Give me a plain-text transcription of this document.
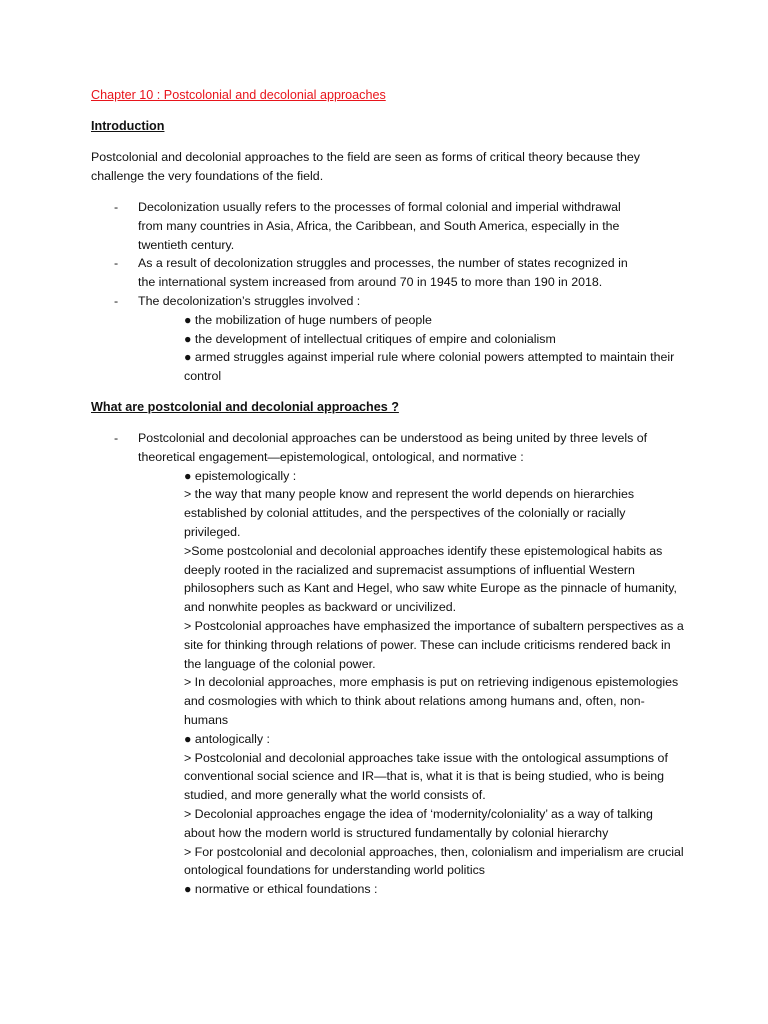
Chapter 10 : Postcolonial and decolonial approaches
Introduction
Postcolonial and decolonial approaches to the field are seen as forms of critical theory because they challenge the very foundations of the field.
- Decolonization usually refers to the processes of formal colonial and imperial withdrawal from many countries in Asia, Africa, the Caribbean, and South America, especially in the twentieth century.
- As a result of decolonization struggles and processes, the number of states recognized in the international system increased from around 70 in 1945 to more than 190 in 2018.
- The decolonization’s struggles involved :
● the mobilization of huge numbers of people
● the development of intellectual critiques of empire and colonialism
● armed struggles against imperial rule where colonial powers attempted to maintain their control
What are postcolonial and decolonial approaches ?
- Postcolonial and decolonial approaches can be understood as being united by three levels of theoretical engagement—epistemological, ontological, and normative :
● epistemologically :
> the way that many people know and represent the world depends on hierarchies established by colonial attitudes, and the perspectives of the colonially or racially privileged.
>Some postcolonial and decolonial approaches identify these epistemological habits as deeply rooted in the racialized and supremacist assumptions of influential Western philosophers such as Kant and Hegel, who saw white Europe as the pinnacle of humanity, and nonwhite peoples as backward or uncivilized.
> Postcolonial approaches have emphasized the importance of subaltern perspectives as a site for thinking through relations of power. These can include criticisms rendered back in the language of the colonial power.
> In decolonial approaches, more emphasis is put on retrieving indigenous epistemologies and cosmologies with which to think about relations among humans and, often, non-humans
● antologically :
> Postcolonial and decolonial approaches take issue with the ontological assumptions of conventional social science and IR—that is, what it is that is being studied, who is being studied, and more generally what the world consists of.
> Decolonial approaches engage the idea of ‘modernity/coloniality’ as a way of talking about how the modern world is structured fundamentally by colonial hierarchy
> For postcolonial and decolonial approaches, then, colonialism and imperialism are crucial ontological foundations for understanding world politics
● normative or ethical foundations :
